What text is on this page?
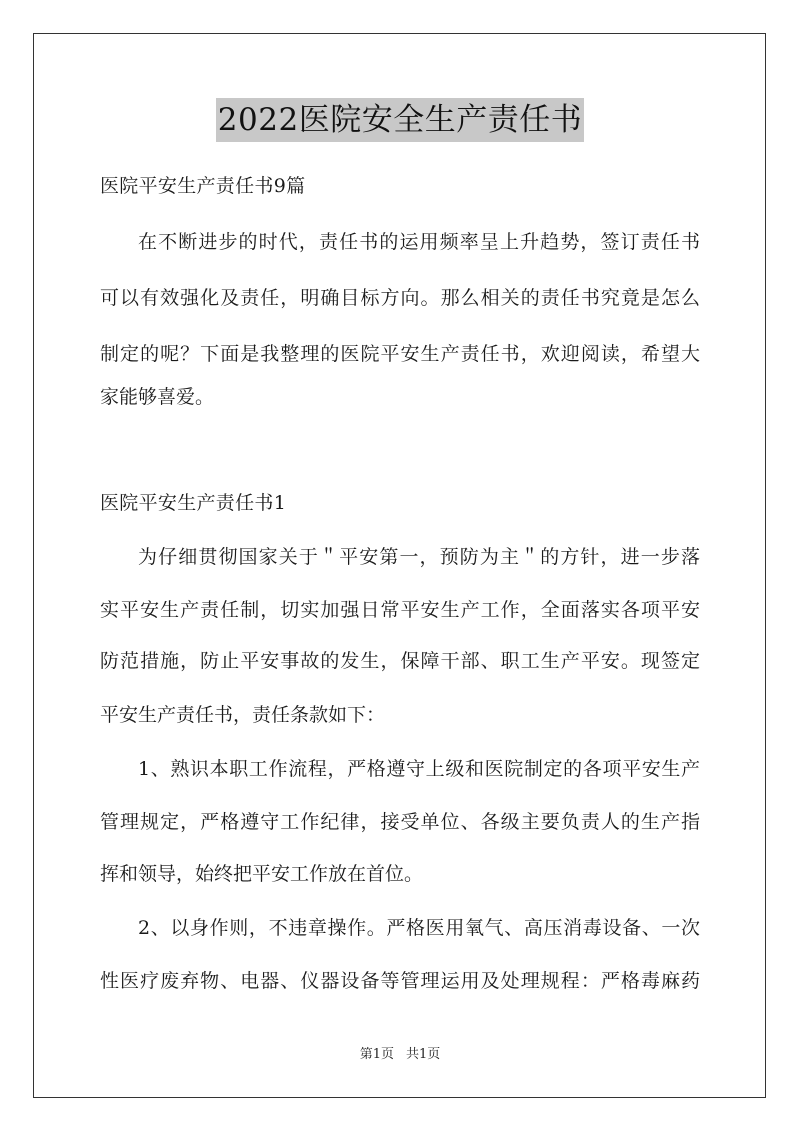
2022医院安全生产责任书
医院平安生产责任书9篇
在不断进步的时代，责任书的运用频率呈上升趋势，签订责任书
可以有效强化及责任，明确目标方向。那么相关的责任书究竟是怎么
制定的呢？下面是我整理的医院平安生产责任书，欢迎阅读，希望大
家能够喜爱。
医院平安生产责任书1
为仔细贯彻国家关于＂平安第一，预防为主＂的方针，进一步落
实平安生产责任制，切实加强日常平安生产工作，全面落实各项平安
防范措施，防止平安事故的发生，保障干部、职工生产平安。现签定
平安生产责任书，责任条款如下：
1、熟识本职工作流程，严格遵守上级和医院制定的各项平安生产
管理规定，严格遵守工作纪律，接受单位、各级主要负责人的生产指
挥和领导，始终把平安工作放在首位。
2、以身作则，不违章操作。严格医用氧气、高压消毒设备、一次
性医疗废弃物、电器、仪器设备等管理运用及处理规程：严格毒麻药
第1页 共1页
